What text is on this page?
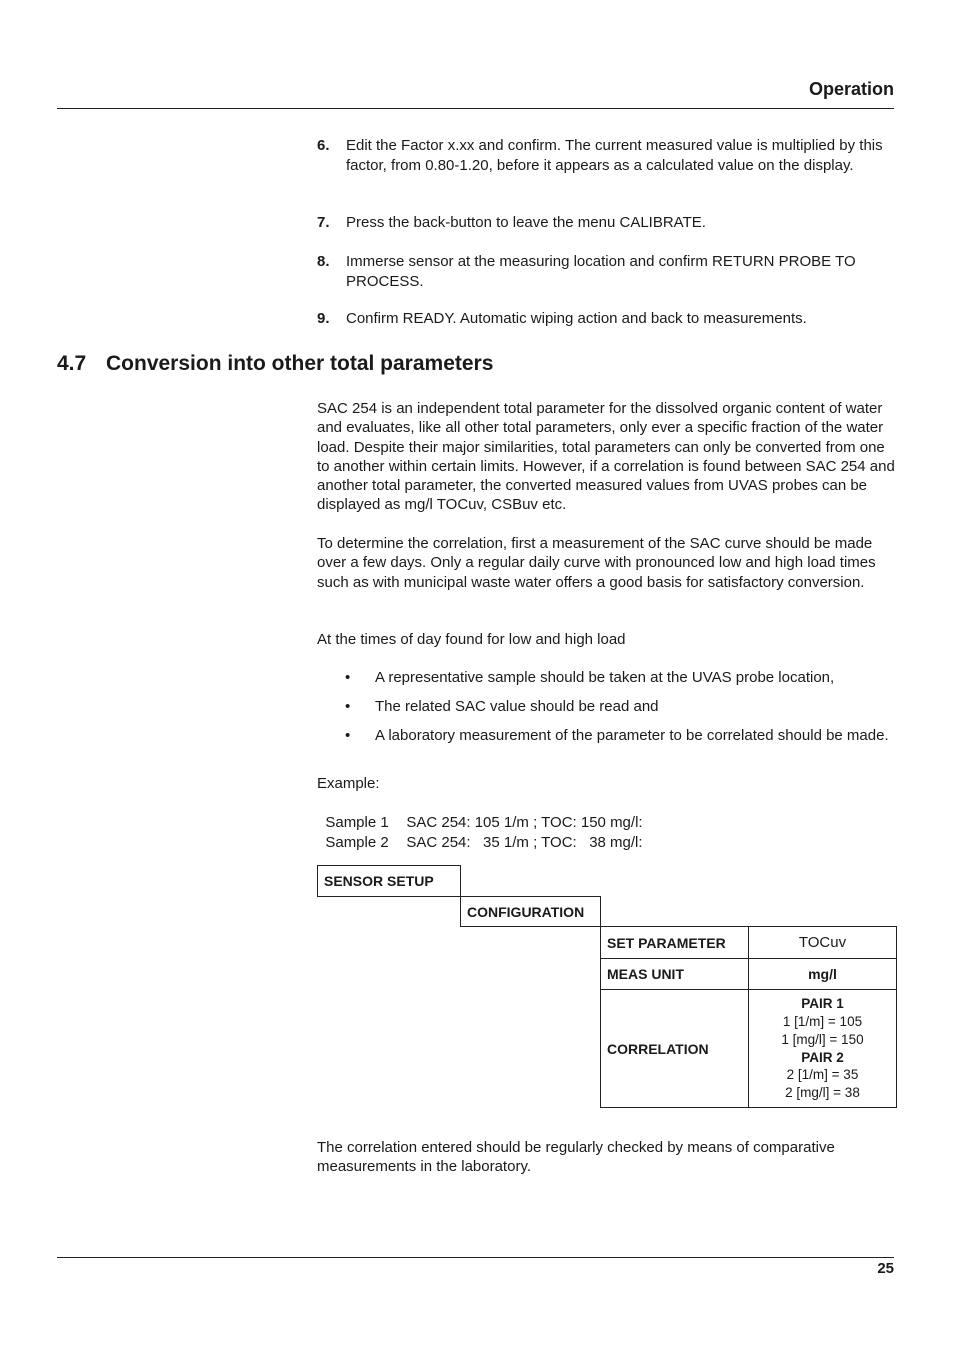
Operation
6. Edit the Factor x.xx and confirm. The current measured value is multiplied by this factor, from 0.80-1.20, before it appears as a calculated value on the display.
7. Press the back-button to leave the menu CALIBRATE.
8. Immerse sensor at the measuring location and confirm RETURN PROBE TO PROCESS.
9. Confirm READY. Automatic wiping action and back to measurements.
4.7 Conversion into other total parameters
SAC 254 is an independent total parameter for the dissolved organic content of water and evaluates, like all other total parameters, only ever a specific fraction of the water load. Despite their major similarities, total parameters can only be converted from one to another within certain limits. However, if a correlation is found between SAC 254 and another total parameter, the converted measured values from UVAS probes can be displayed as mg/l TOCuv, CSBuv etc.
To determine the correlation, first a measurement of the SAC curve should be made over a few days. Only a regular daily curve with pronounced low and high load times such as with municipal waste water offers a good basis for satisfactory conversion.
At the times of day found for low and high load
• A representative sample should be taken at the UVAS probe location,
• The related SAC value should be read and
• A laboratory measurement of the parameter to be correlated should be made.
Example:

Sample 1 SAC 254: 105 1/m ; TOC: 150 mg/l:

Sample 2 SAC 254:   35 1/m ; TOC:   38 mg/l:

SENSOR SETUP
CONFIGURATION
SET PARAMETER	TOCuv
MEAS UNIT	mg/l
CORRELATION
PAIR 1
1 [1/m] = 105
1 [mg/l] = 150
PAIR 2
2 [1/m] = 35
2 [mg/l] = 38
The correlation entered should be regularly checked by means of comparative measurements in the laboratory.
25
